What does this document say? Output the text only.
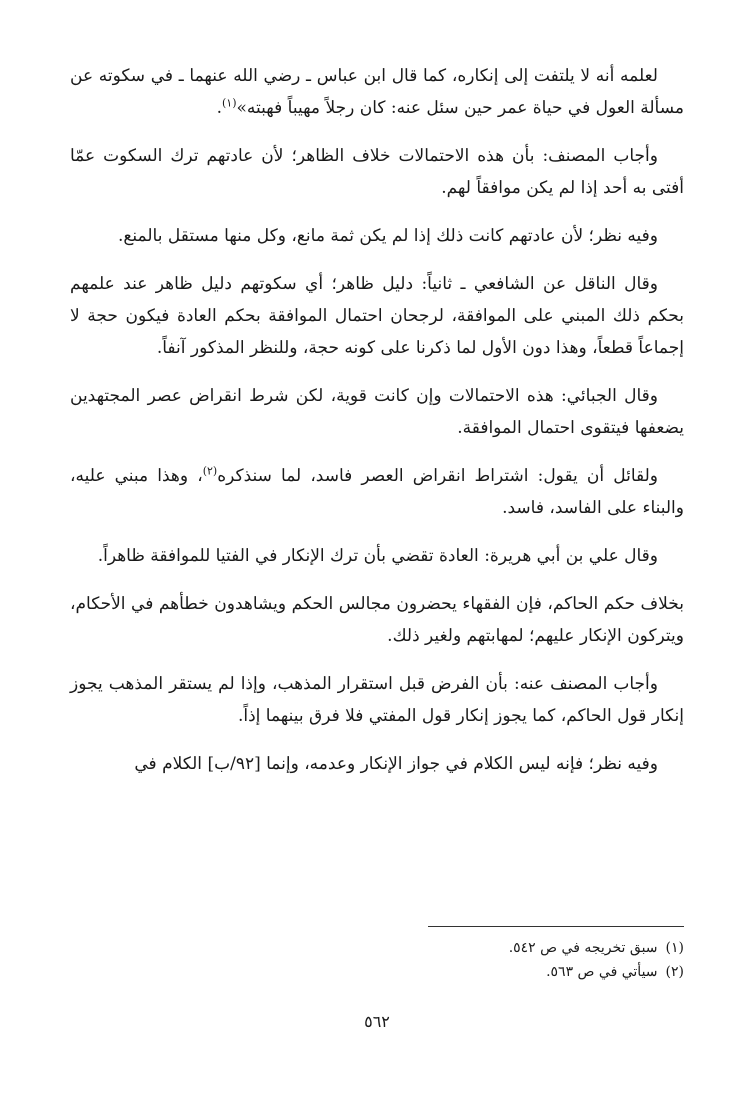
لعلمه أنه لا يلتفت إلى إنكاره، كما قال ابن عباس ـ رضي الله عنهما ـ في سكوته عن مسألة العول في حياة عمر حين سئل عنه: كان رجلاً مهيباً فهبته»$^{(١)}$.

وأجاب المصنف: بأن هذه الاحتمالات خلاف الظاهر؛ لأن عادتهم ترك السكوت عمّا أفتى به أحد إذا لم يكن موافقاً لهم.

وفيه نظر؛ لأن عادتهم كانت ذلك إذا لم يكن ثمة مانع، وكل منها مستقل بالمنع.

وقال الناقل عن الشافعي ـ ثانياً: دليل ظاهر؛ أي سكوتهم دليل ظاهر عند علمهم بحكم ذلك المبني على الموافقة، لرجحان احتمال الموافقة بحكم العادة فيكون حجة لا إجماعاً قطعاً، وهذا دون الأول لما ذكرنا على كونه حجة، وللنظر المذكور آنفاً.

وقال الجبائي: هذه الاحتمالات وإن كانت قوية، لكن شرط انقراض عصر المجتهدين يضعفها فيتقوى احتمال الموافقة.

ولقائل أن يقول: اشتراط انقراض العصر فاسد، لما سنذكره$^{(٢)}$، وهذا مبني عليه، والبناء على الفاسد، فاسد.

وقال علي بن أبي هريرة: العادة تقضي بأن ترك الإنكار في الفتيا للموافقة ظاهراً.

بخلاف حكم الحاكم، فإن الفقهاء يحضرون مجالس الحكم ويشاهدون خطأهم في الأحكام، ويتركون الإنكار عليهم؛ لمهابتهم ولغير ذلك.

وأجاب المصنف عنه: بأن الفرض قبل استقرار المذهب، وإذا لم يستقر المذهب يجوز إنكار قول الحاكم، كما يجوز إنكار قول المفتي فلا فرق بينهما إذاً.

وفيه نظر؛ فإنه ليس الكلام في جواز الإنكار وعدمه، وإنما [٩٢/ب] الكلام في

(١)سبق تخريجه في ص ٥٤٢.
(٢)سيأتي في ص ٥٦٣.
٥٦٢
